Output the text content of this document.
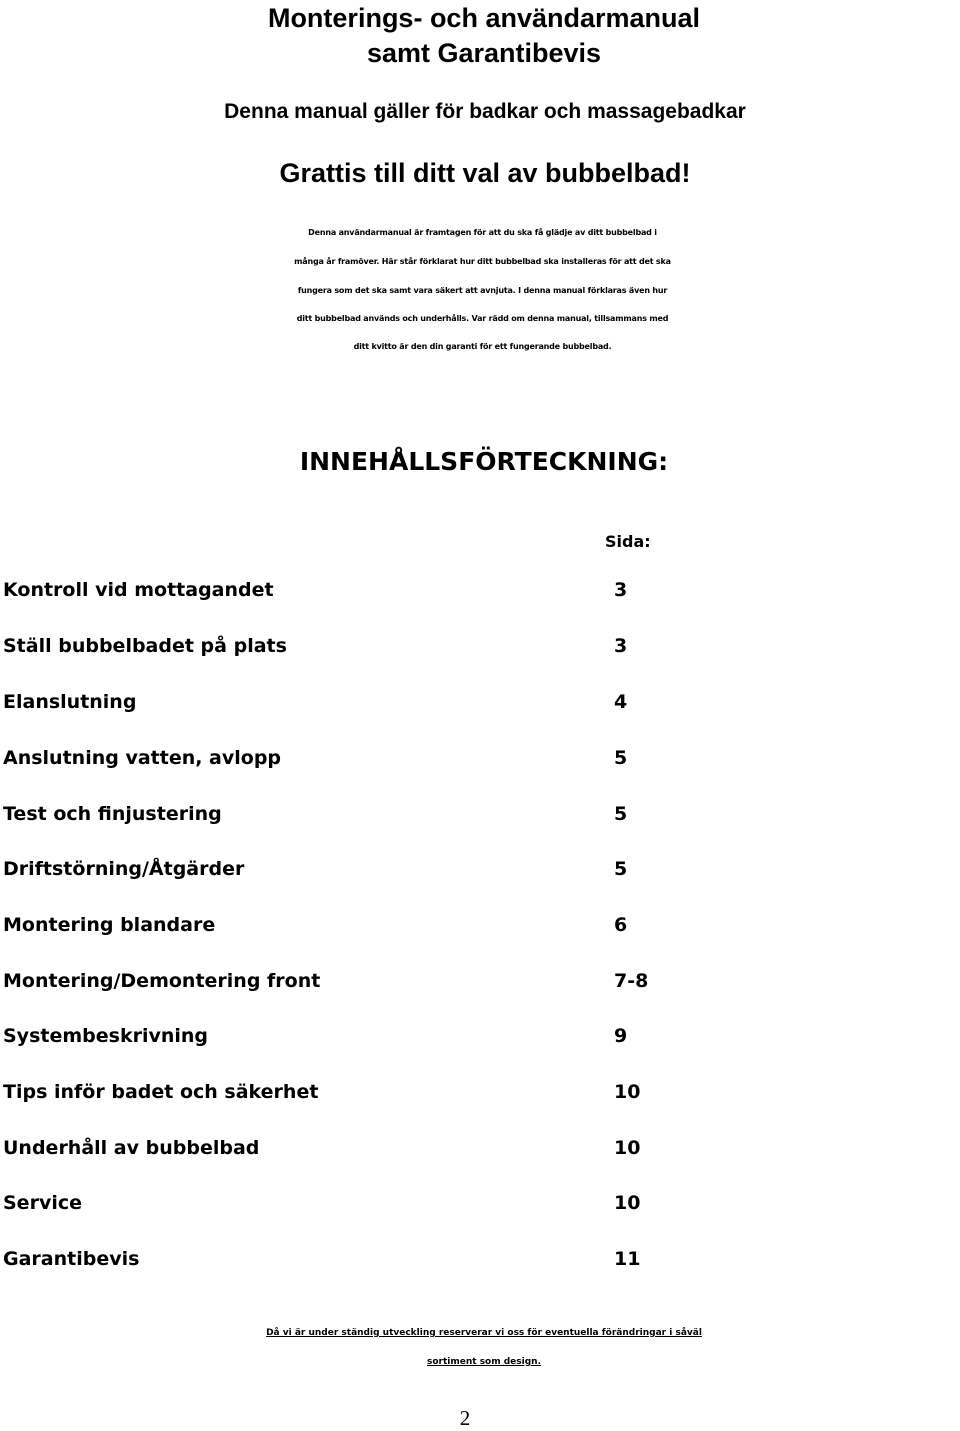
Monterings- och användarmanual
samt Garantibevis

Denna manual gäller för badkar och massagebadkar

Grattis till ditt val av bubbelbad!

Denna användarmanual är framtagen för att du ska få glädje av ditt bubbelbad i

många år framöver. Här står förklarat hur ditt bubbelbad ska installeras för att det ska

fungera som det ska samt vara säkert att avnjuta. I denna manual förklaras även hur

ditt bubbelbad används och underhålls. Var rädd om denna manual, tillsammans med

ditt kvitto är den din garanti för ett fungerande bubbelbad.

INNEHÅLLSFÖRTECKNING:
Sida:
Kontroll vid mottagandet	3
Ställ bubbelbadet på plats	3
Elanslutning	4
Anslutning vatten, avlopp	5
Test och finjustering	5
Driftstörning/Åtgärder	5
Montering blandare	6
Montering/Demontering front	7-8
Systembeskrivning	9
Tips inför badet och säkerhet	10
Underhåll av bubbelbad	10
Service	10
Garantibevis	11

Då vi är under ständig utveckling reserverar vi oss för eventuella förändringar i såväl

sortiment som design.

2
